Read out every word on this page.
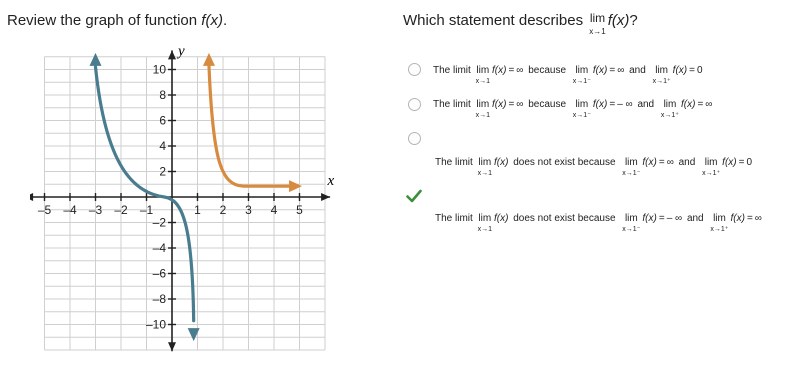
Review the graph of function f(x).	Which statement describes lim
x→1
f(x)?
–5 –4 –3 –2 –1	1 2 3 4 5
10
8
6
4
2
–2
–4
–6
–8
–10
x
y
The limit lim
x→1
f(x) = ∞ because lim
x→1⁻
f(x) = ∞ and lim
x→1⁺
f(x) = 0
The limit lim
x→1
f(x) = ∞ because lim
x→1⁻
f(x) = – ∞ and lim
x→1⁺
f(x) = ∞
The limit lim
x→1
f(x) does not exist because lim
x→1⁻
f(x) = ∞ and lim
x→1⁺
f(x) = 0
The limit lim
x→1
f(x) does not exist because lim
x→1⁻
f(x) = – ∞ and lim
x→1⁺
f(x) = ∞
